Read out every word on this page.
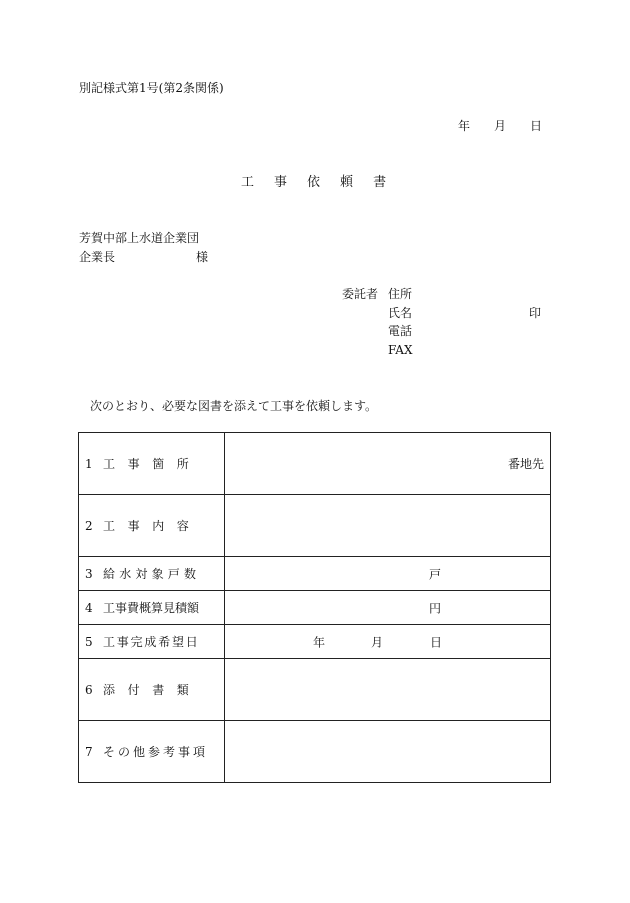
別記様式第1号(第2条関係)
年 月 日
工 事 依 頼 書
芳賀中部上水道企業団
企業長	様
委託者 住所
氏名	印
電話
FAX
次のとおり、必要な図書を添えて工事を依頼します。
1 工事箇所	番地先
2 工事内容	
3 給水対象戸数	戸

4 工事費概算見積額	円

5 工事完成希望日	年 月 日

6 添付書類	
7 その他参考事項	
